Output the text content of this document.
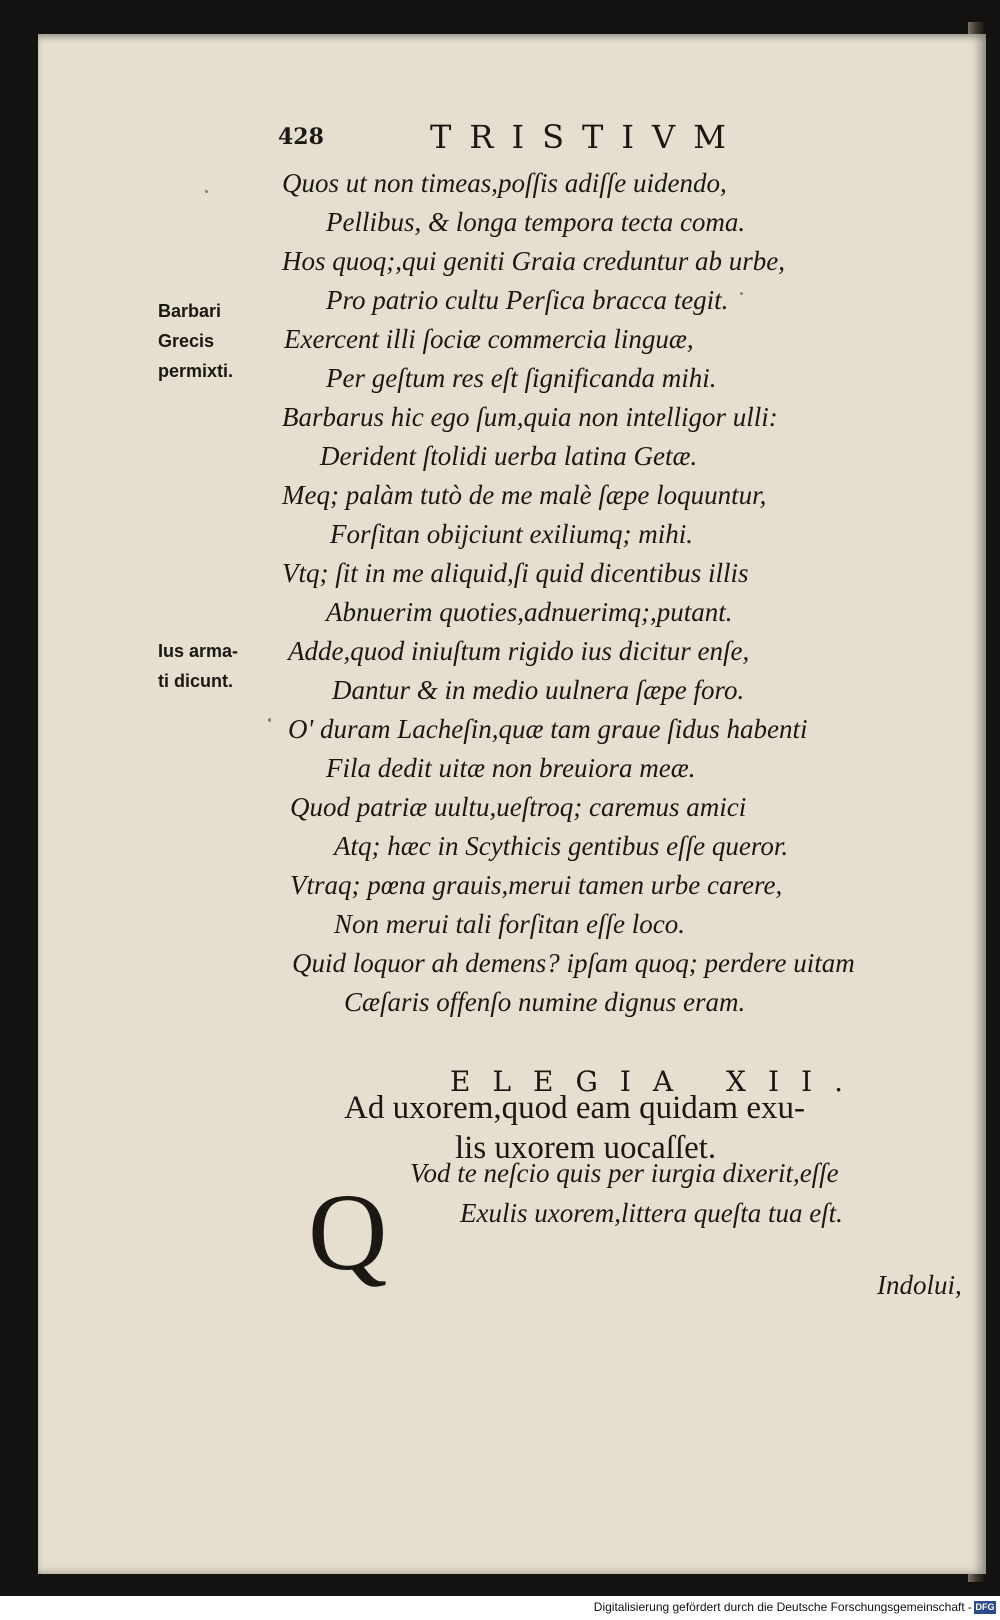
428	TRISTIVM
Barbari
Grecis
permixti.
Ius arma-
ti dicunt.
Quos ut non timeas,poſſis adiſſe uidendo,
Pellibus, & longa tempora tecta coma.
Hos quoq;,qui geniti Graia creduntur ab urbe,
Pro patrio cultu Perſica bracca tegit.
Exercent illi ſociæ commercia linguæ,
Per geſtum res eſt ſignificanda mihi.
Barbarus hic ego ſum,quia non intelligor ulli:
Derident ſtolidi uerba latina Getæ.
Meq; palàm tutò de me malè ſæpe loquuntur,
Forſitan obijciunt exiliumq; mihi.
Vtq; ſit in me aliquid,ſi quid dicentibus illis
Abnuerim quoties,adnuerimq;,putant.
Adde,quod iniuſtum rigido ius dicitur enſe,
Dantur & in medio uulnera ſæpe foro.
O' duram Lacheſin,quæ tam graue ſidus habenti
Fila dedit uitæ non breuiora meæ.
Quod patriæ uultu,ueſtroq; caremus amici
Atq; hæc in Scythicis gentibus eſſe queror.
Vtraq; pœna grauis,merui tamen urbe carere,
Non merui tali forſitan eſſe loco.
Quid loquor ah demens? ipſam quoq; perdere uitam
Cæſaris offenſo numine dignus eram.
ELEGIA XII.
Ad uxorem,quod eam quidam exu-
lis uxorem uocaſſet.
Q Vod te neſcio quis per iurgia dixerit,eſſe
Exulis uxorem,littera queſta tua eſt.
Indolui,
Digitalisierung gefördert durch die Deutsche Forschungsgemeinschaft - DFG
